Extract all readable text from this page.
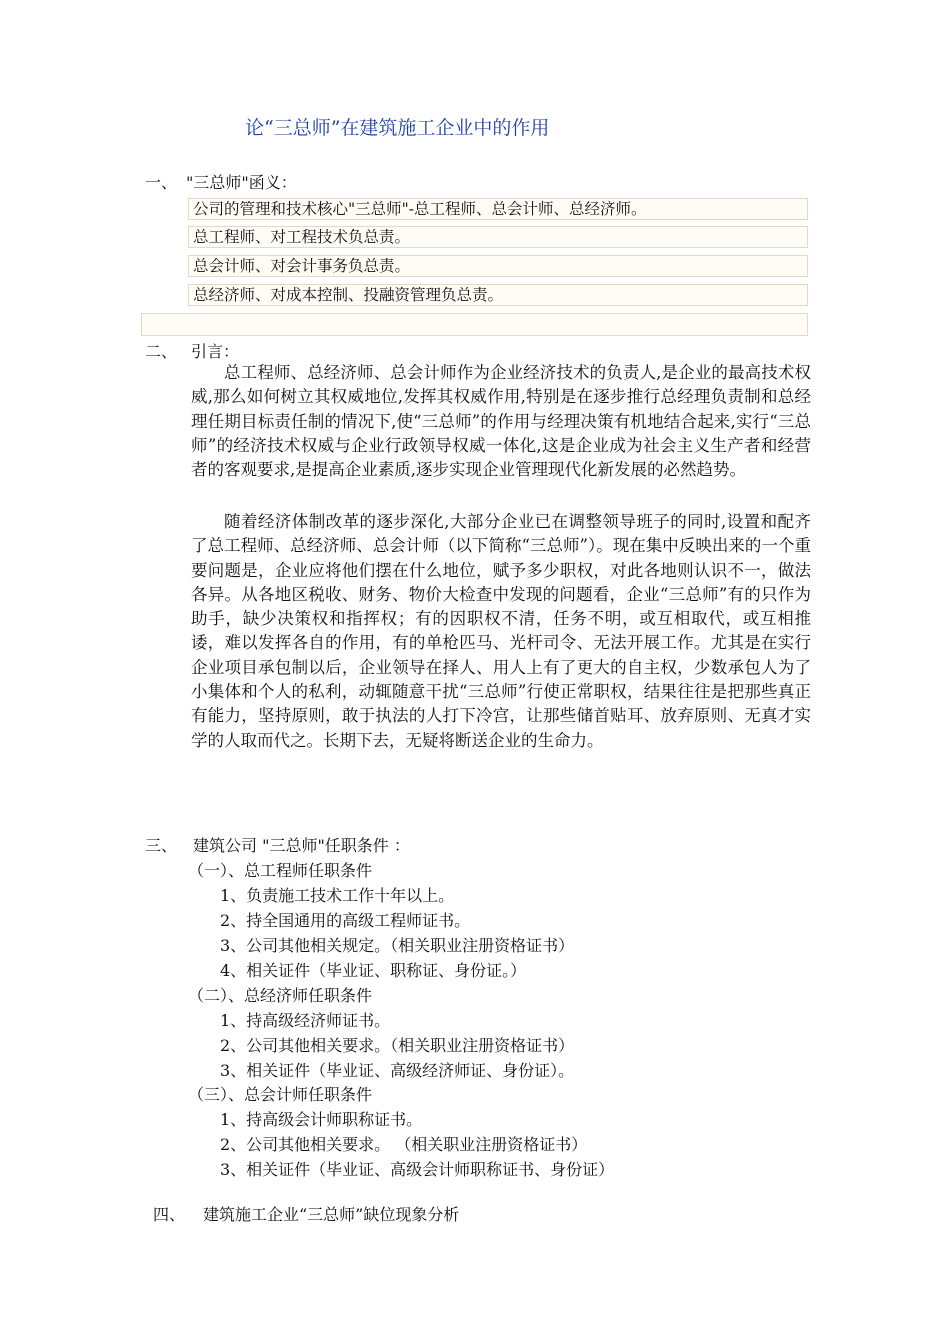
论“三总师”在建筑施工企业中的作用
一、 "三总师"函义：
公司的管理和技术核心"三总师"-总工程师、总会计师、总经济师。
总工程师、对工程技术负总责。
总会计师、对会计事务负总责。
总经济师、对成本控制、投融资管理负总责。
二、 引言：

总工程师、总经济师、总会计师作为企业经济技术的负责人,是企业的最高技术权威,那么如何树立其权威地位,发挥其权威作用,特别是在逐步推行总经理负责制和总经理任期目标责任制的情况下,使“三总师”的作用与经理决策有机地结合起来,实行“三总师”的经济技术权威与企业行政领导权威一体化,这是企业成为社会主义生产者和经营者的客观要求,是提高企业素质,逐步实现企业管理现代化新发展的必然趋势。

随着经济体制改革的逐步深化,大部分企业已在调整领导班子的同时,设置和配齐了总工程师、总经济师、总会计师（以下简称“三总师”）。现在集中反映出来的一个重要问题是，企业应将他们摆在什么地位，赋予多少职权，对此各地则认识不一，做法各异。从各地区税收、财务、物价大检查中发现的问题看，企业“三总师”有的只作为助手，缺少决策权和指挥权；有的因职权不清，任务不明，或互相取代，或互相推诿，难以发挥各自的作用，有的单枪匹马、光杆司令、无法开展工作。尤其是在实行企业项目承包制以后，企业领导在择人、用人上有了更大的自主权，少数承包人为了小集体和个人的私利，动辄随意干扰“三总师”行使正常职权，结果往往是把那些真正有能力，坚持原则，敢于执法的人打下冷宫，让那些储首贴耳、放弃原则、无真才实学的人取而代之。长期下去，无疑将断送企业的生命力。

三、 建筑公司 "三总师"任职条件 ：
（一）、总工程师任职条件
1、负责施工技术工作十年以上。
2、持全国通用的高级工程师证书。
3、公司其他相关规定。（相关职业注册资格证书）
4、相关证件（毕业证、职称证、身份证。）
（二）、总经济师任职条件
1、持高级经济师证书。
2、公司其他相关要求。（相关职业注册资格证书）
3、相关证件（毕业证、高级经济师证、身份证）。
（三）、总会计师任职条件
1、持高级会计师职称证书。
2、公司其他相关要求。 （相关职业注册资格证书）
3、相关证件（毕业证、高级会计师职称证书、身份证）
四、 建筑施工企业“三总师”缺位现象分析
